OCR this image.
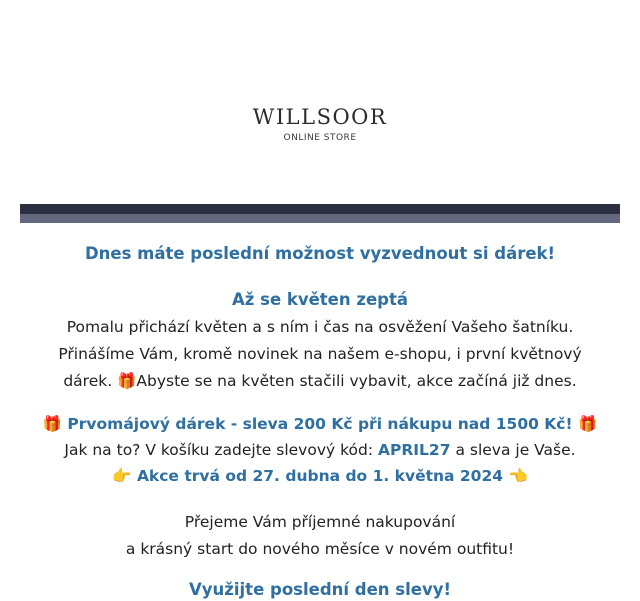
WILLSOOR
ONLINE STORE
Dnes máte poslední možnost vyzvednout si dárek!
Až se květen zeptá
Pomalu přichází květen a s ním i čas na osvěžení Vašeho šatníku.
Přinášíme Vám, kromě novinek na našem e-shopu, i první květnový
dárek. 🎁Abyste se na květen stačili vybavit, akce začíná již dnes.
🎁 Prvomájový dárek - sleva 200 Kč při nákupu nad 1500 Kč! 🎁
Jak na to? V košíku zadejte slevový kód: APRIL27 a sleva je Vaše.
👉 Akce trvá od 27. dubna do 1. května 2024 👈
Přejeme Vám příjemné nakupování
a krásný start do nového měsíce v novém outfitu!
Využijte poslední den slevy!
